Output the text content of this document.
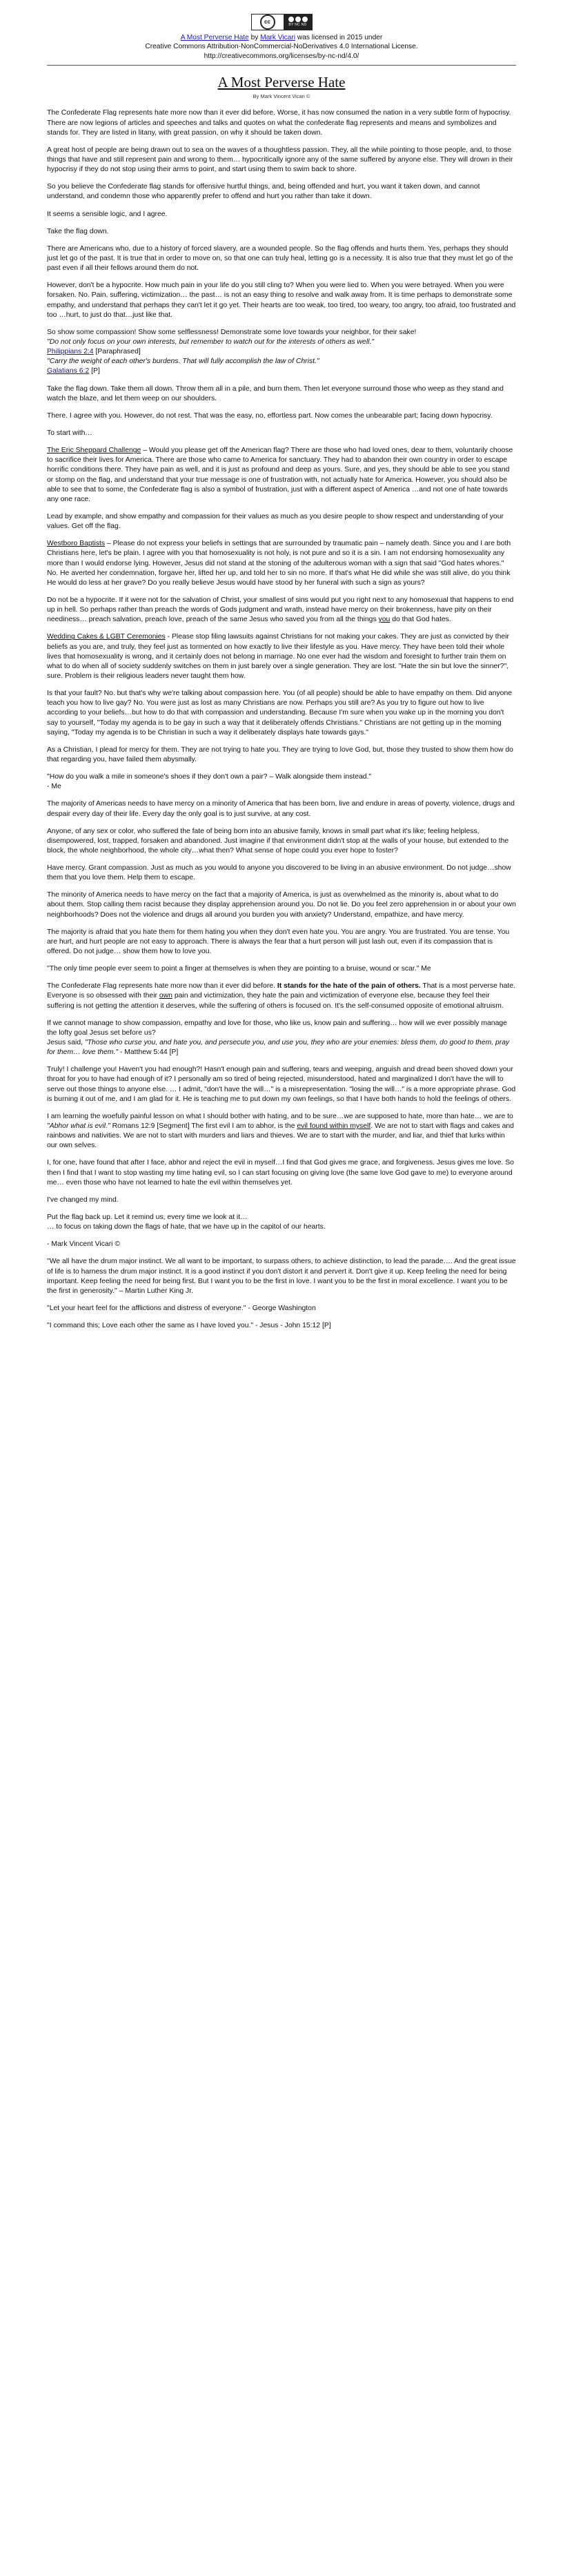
cc
BY NC ND
A Most Perverse Hate by Mark Vicari was licensed in 2015 under
Creative Commons Attribution-NonCommercial-NoDerivatives 4.0 International License.
http://creativecommons.org/licenses/by-nc-nd/4.0/
A Most Perverse Hate
By Mark Vincent Vicari ©

The Confederate Flag represents hate more now than it ever did before. Worse, it has now consumed the nation in a very subtle form of hypocrisy. There are now legions of articles and speeches and talks and quotes on what the confederate flag represents and means and symbolizes and stands for. They are listed in litany, with great passion, on why it should be taken down.

A great host of people are being drawn out to sea on the waves of a thoughtless passion. They, all the while pointing to those people, and, to those things that have and still represent pain and wrong to them… hypocritically ignore any of the same suffered by anyone else. They will drown in their hypocrisy if they do not stop using their arms to point, and start using them to swim back to shore.

So you believe the Confederate flag stands for offensive hurtful things, and, being offended and hurt, you want it taken down, and cannot understand, and condemn those who apparently prefer to offend and hurt you rather than take it down.

It seems a sensible logic, and I agree.

Take the flag down.

There are Americans who, due to a history of forced slavery, are a wounded people. So the flag offends and hurts them. Yes, perhaps they should just let go of the past. It is true that in order to move on, so that one can truly heal, letting go is a necessity. It is also true that they must let go of the past even if all their fellows around them do not.

However, don't be a hypocrite. How much pain in your life do you still cling to? When you were lied to. When you were betrayed. When you were forsaken. No. Pain, suffering, victimization… the past… is not an easy thing to resolve and walk away from. It is time perhaps to demonstrate some empathy, and understand that perhaps they can't let it go yet. Their hearts are too weak, too tired, too weary, too angry, too afraid, too frustrated and too …hurt, to just do that…just like that.

So show some compassion! Show some selflessness! Demonstrate some love towards your neighbor, for their sake!
"Do not only focus on your own interests, but remember to watch out for the interests of others as well."
Philippians 2:4 [Paraphrased]
"Carry the weight of each other's burdens. That will fully accomplish the law of Christ."
Galatians 6:2 [P]

Take the flag down. Take them all down. Throw them all in a pile, and burn them. Then let everyone surround those who weep as they stand and watch the blaze, and let them weep on our shoulders.

There. I agree with you. However, do not rest. That was the easy, no, effortless part. Now comes the unbearable part; facing down hypocrisy.

To start with…

The Eric Sheppard Challenge – Would you please get off the American flag? There are those who had loved ones, dear to them, voluntarily choose to sacrifice their lives for America. There are those who came to America for sanctuary. They had to abandon their own country in order to escape horrific conditions there. They have pain as well, and it is just as profound and deep as yours. Sure, and yes, they should be able to see you stand or stomp on the flag, and understand that your true message is one of frustration with, not actually hate for America. However, you should also be able to see that to some, the Confederate flag is also a symbol of frustration, just with a different aspect of America …and not one of hate towards any one race.

Lead by example, and show empathy and compassion for their values as much as you desire people to show respect and understanding of your values. Get off the flag.

Westboro Baptists – Please do not express your beliefs in settings that are surrounded by traumatic pain – namely death. Since you and I are both Christians here, let's be plain. I agree with you that homosexuality is not holy, is not pure and so it is a sin. I am not endorsing homosexuality any more than I would endorse lying. However, Jesus did not stand at the stoning of the adulterous woman with a sign that said "God hates whores." No. He averted her condemnation, forgave her, lifted her up, and told her to sin no more. If that's what He did while she was still alive, do you think He would do less at her grave? Do you really believe Jesus would have stood by her funeral with such a sign as yours?

Do not be a hypocrite. If it were not for the salvation of Christ, your smallest of sins would put you right next to any homosexual that happens to end up in hell. So perhaps rather than preach the words of Gods judgment and wrath, instead have mercy on their brokenness, have pity on their neediness… preach salvation, preach love, preach of the same Jesus who saved you from all the things you do that God hates.

Wedding Cakes & LGBT Ceremonies - Please stop filing lawsuits against Christians for not making your cakes. They are just as convicted by their beliefs as you are, and truly, they feel just as tormented on how exactly to live their lifestyle as you. Have mercy. They have been told their whole lives that homosexuality is wrong, and it certainly does not belong in marriage. No one ever had the wisdom and foresight to further train them on what to do when all of society suddenly switches on them in just barely over a single generation. They are lost. "Hate the sin but love the sinner?", sure. Problem is their religious leaders never taught them how.

Is that your fault? No. but that's why we're talking about compassion here. You (of all people) should be able to have empathy on them. Did anyone teach you how to live gay? No. You were just as lost as many Christians are now. Perhaps you still are? As you try to figure out how to live according to your beliefs…but how to do that with compassion and understanding. Because I'm sure when you wake up in the morning you don't say to yourself, "Today my agenda is to be gay in such a way that it deliberately offends Christians." Christians are not getting up in the morning saying, "Today my agenda is to be Christian in such a way it deliberately displays hate towards gays."

As a Christian, I plead for mercy for them. They are not trying to hate you. They are trying to love God, but, those they trusted to show them how do that regarding you, have failed them abysmally.

"How do you walk a mile in someone's shoes if they don't own a pair? – Walk alongside them instead."
- Me

The majority of Americas needs to have mercy on a minority of America that has been born, live and endure in areas of poverty, violence, drugs and despair every day of their life. Every day the only goal is to just survive, at any cost.

Anyone, of any sex or color, who suffered the fate of being born into an abusive family, knows in small part what it's like; feeling helpless, disempowered, lost, trapped, forsaken and abandoned. Just imagine if that environment didn't stop at the walls of your house, but extended to the block, the whole neighborhood, the whole city…what then? What sense of hope could you ever hope to foster?

Have mercy. Grant compassion. Just as much as you would to anyone you discovered to be living in an abusive environment. Do not judge…show them that you love them. Help them to escape.

The minority of America needs to have mercy on the fact that a majority of America, is just as overwhelmed as the minority is, about what to do about them. Stop calling them racist because they display apprehension around you. Do not lie. Do you feel zero apprehension in or about your own neighborhoods? Does not the violence and drugs all around you burden you with anxiety? Understand, empathize, and have mercy.

The majority is afraid that you hate them for them hating you when they don't even hate you. You are angry. You are frustrated. You are tense. You are hurt, and hurt people are not easy to approach. There is always the fear that a hurt person will just lash out, even if its compassion that is offered. Do not judge… show them how to love you.

"The only time people ever seem to point a finger at themselves is when they are pointing to a bruise, wound or scar." Me

The Confederate Flag represents hate more now than it ever did before. It stands for the hate of the pain of others. That is a most perverse hate. Everyone is so obsessed with their own pain and victimization, they hate the pain and victimization of everyone else, because they feel their suffering is not getting the attention it deserves, while the suffering of others is focused on. It's the self-consumed opposite of emotional altruism.

If we cannot manage to show compassion, empathy and love for those, who like us, know pain and suffering… how will we ever possibly manage the lofty goal Jesus set before us?
Jesus said, "Those who curse you, and hate you, and persecute you, and use you, they who are your enemies: bless them, do good to them, pray for them… love them." - Matthew 5:44 [P]

Truly! I challenge you! Haven't you had enough?! Hasn't enough pain and suffering, tears and weeping, anguish and dread been shoved down your throat for you to have had enough of it? I personally am so tired of being rejected, misunderstood, hated and marginalized I don't have the will to serve out those things to anyone else. … I admit, "don't have the will…" is a misrepresentation. "losing the will…" is a more appropriate phrase. God is burning it out of me, and I am glad for it. He is teaching me to put down my own feelings, so that I have both hands to hold the feelings of others.

I am learning the woefully painful lesson on what I should bother with hating, and to be sure…we are supposed to hate, more than hate… we are to "Abhor what is evil." Romans 12:9 [Segment] The first evil I am to abhor, is the evil found within myself. We are not to start with flags and cakes and rainbows and nativities. We are not to start with murders and liars and thieves. We are to start with the murder, and liar, and thief that lurks within our own selves.

I, for one, have found that after I face, abhor and reject the evil in myself…I find that God gives me grace, and forgiveness. Jesus gives me love. So then I find that I want to stop wasting my time hating evil, so I can start focusing on giving love (the same love God gave to me) to everyone around me… even those who have not learned to hate the evil within themselves yet.

I've changed my mind.

Put the flag back up. Let it remind us, every time we look at it…
… to focus on taking down the flags of hate, that we have up in the capitol of our hearts.

- Mark Vincent Vicari ©

"We all have the drum major instinct. We all want to be important, to surpass others, to achieve distinction, to lead the parade…. And the great issue of life is to harness the drum major instinct. It is a good instinct if you don't distort it and pervert it. Don't give it up. Keep feeling the need for being important. Keep feeling the need for being first. But I want you to be the first in love. I want you to be the first in moral excellence. I want you to be the first in generosity." – Martin Luther King Jr.

"Let your heart feel for the afflictions and distress of everyone." - George Washington

"I command this; Love each other the same as I have loved you." - Jesus - John 15:12 [P]
